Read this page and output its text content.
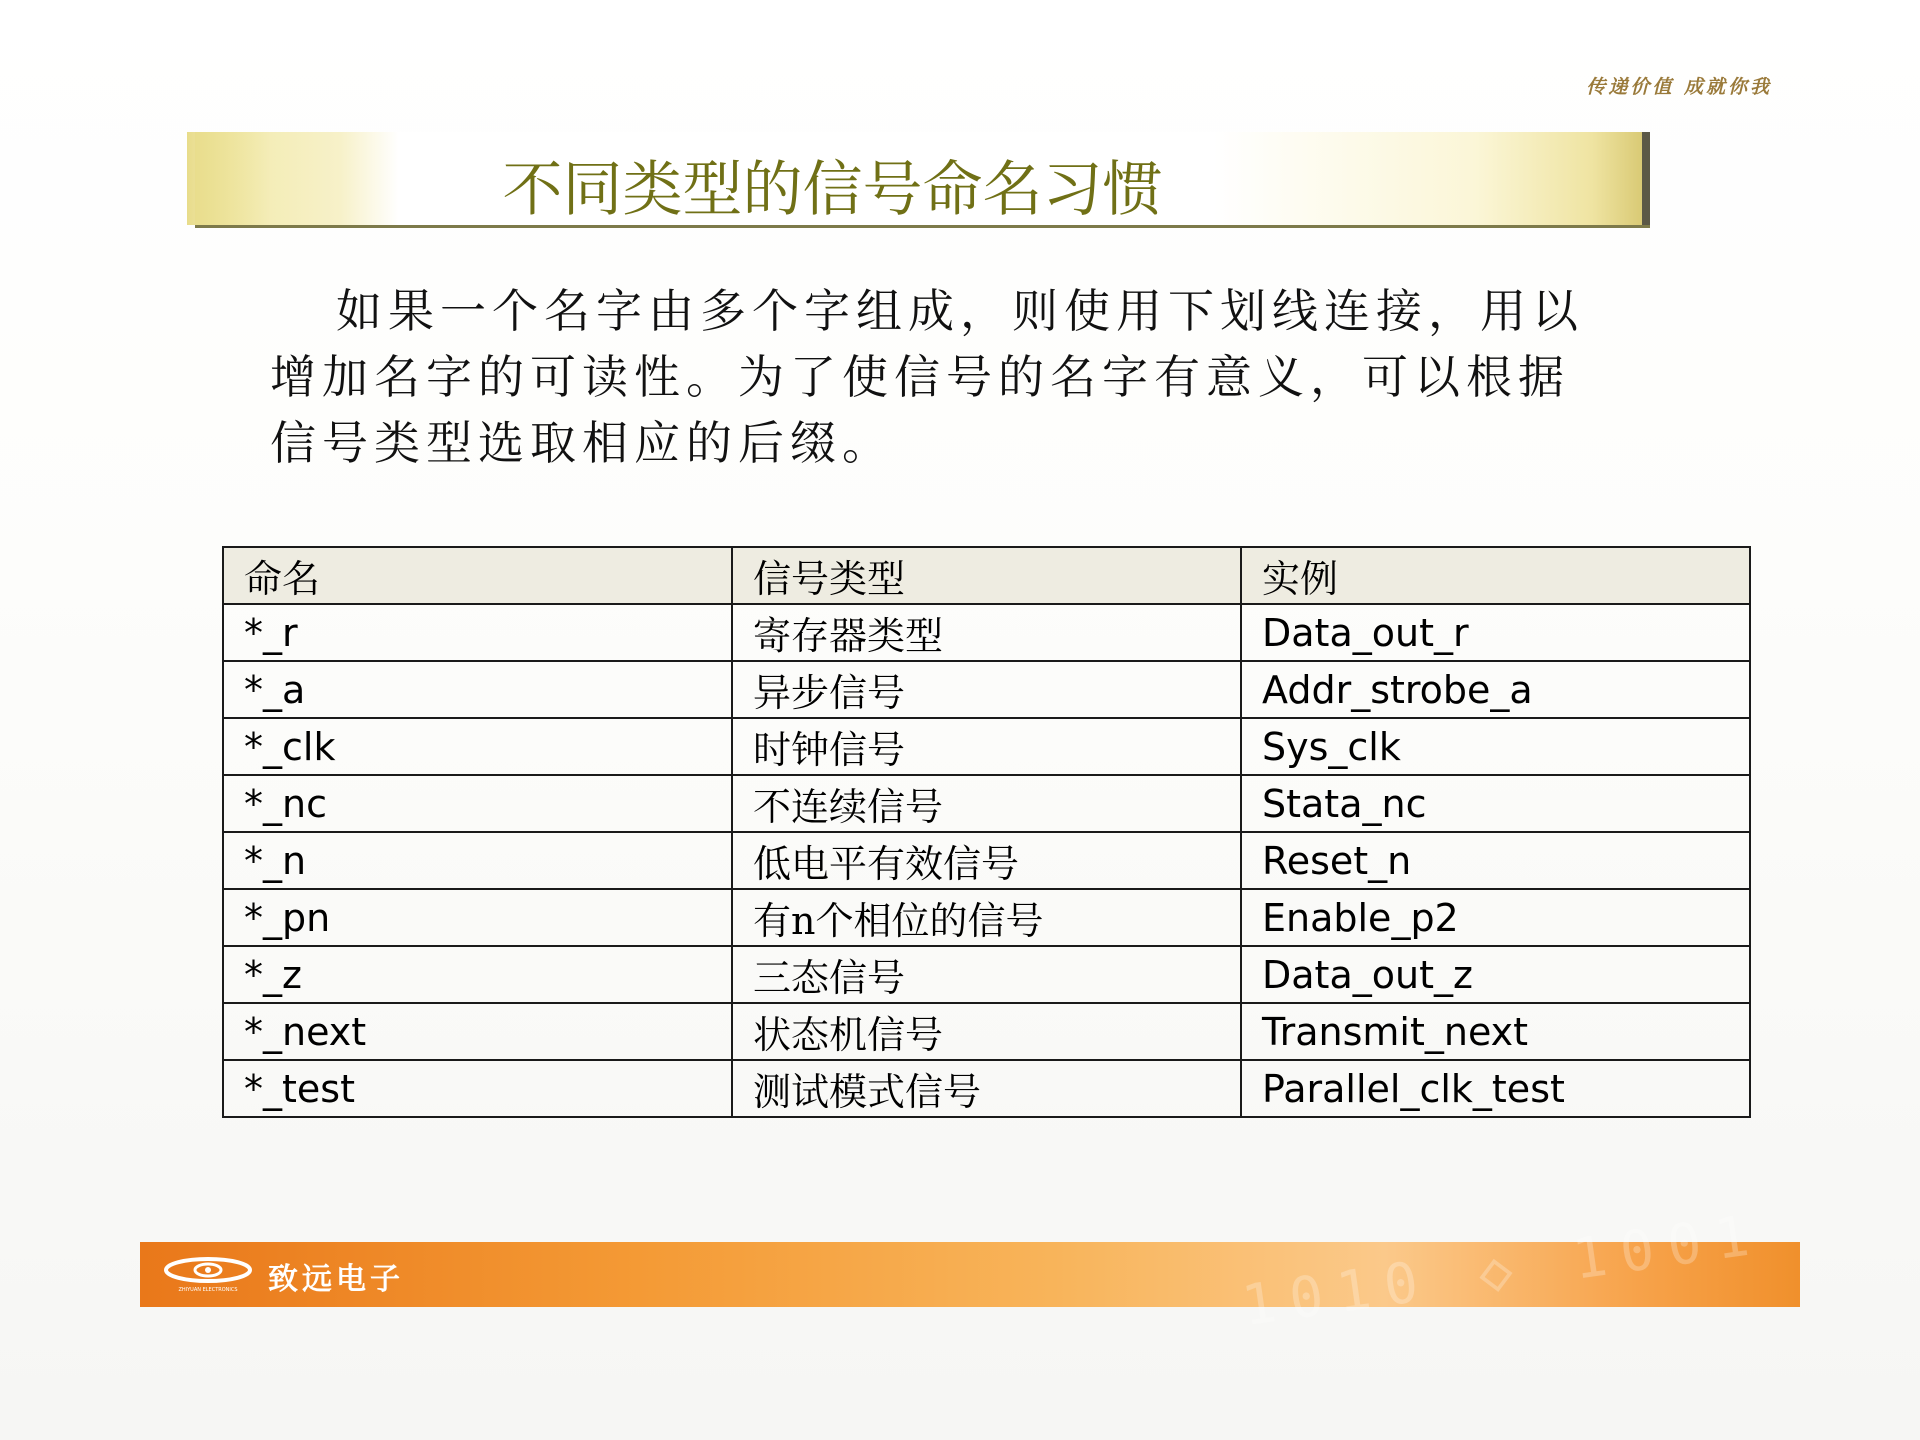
传递价值 成就你我
不同类型的信号命名习惯
如果一个名字由多个字组成，则使用下划线连接，用以增加名字的可读性。为了使信号的名字有意义，可以根据信号类型选取相应的后缀。
命名	信号类型	实例
*_r	寄存器类型	Data_out_r
*_a	异步信号	Addr_strobe_a
*_clk	时钟信号	Sys_clk
*_nc	不连续信号	Stata_nc
*_n	低电平有效信号	Reset_n
*_pn	有n个相位的信号	Enable_p2
*_z	三态信号	Data_out_z
*_next	状态机信号	Transmit_next
*_test	测试模式信号	Parallel_clk_test
1010 ◇ 1001
ZHIYUAN ELECTRONICS 致远电子
